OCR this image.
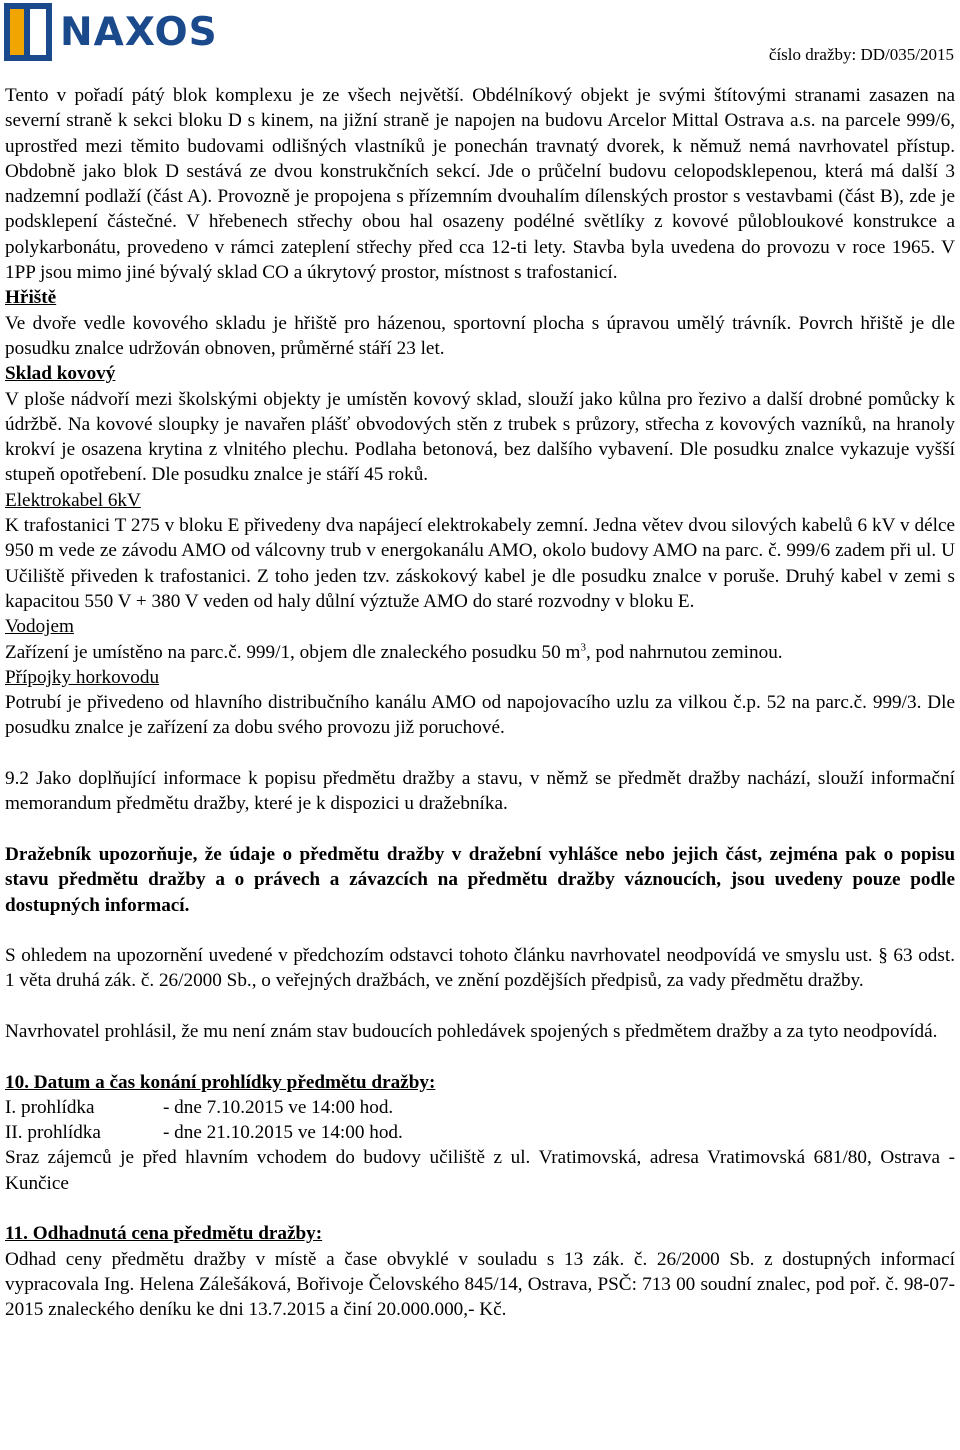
NAXOS	číslo dražby: DD/035/2015

Tento v pořadí pátý blok komplexu je ze všech největší. Obdélníkový objekt je svými štítovými stranami zasazen na severní straně k sekci bloku D s kinem, na jižní straně je napojen na budovu Arcelor Mittal Ostrava a.s. na parcele 999/6, uprostřed mezi těmito budovami odlišných vlastníků je ponechán travnatý dvorek, k němuž nemá navrhovatel přístup. Obdobně jako blok D sestává ze dvou konstrukčních sekcí. Jde o průčelní budovu celopodsklepenou, která má další 3 nadzemní podlaží (část A). Provozně je propojena s přízemním dvouhalím dílenských prostor s vestavbami (část B), zde je podsklepení částečné. V hřebenech střechy obou hal osazeny podélné světlíky z kovové půlobloukové konstrukce a polykarbonátu, provedeno v rámci zateplení střechy před cca 12-ti lety. Stavba byla uvedena do provozu v roce 1965. V 1PP jsou mimo jiné bývalý sklad CO a úkrytový prostor, místnost s trafostanicí.

Hřiště

Ve dvoře vedle kovového skladu je hřiště pro házenou, sportovní plocha s úpravou umělý trávník. Povrch hřiště je dle posudku znalce udržován obnoven, průměrné stáří 23 let.

Sklad kovový

V ploše nádvoří mezi školskými objekty je umístěn kovový sklad, slouží jako kůlna pro řezivo a další drobné pomůcky k údržbě. Na kovové sloupky je navařen plášť obvodových stěn z trubek s průzory, střecha z kovových vazníků, na hranoly krokví je osazena krytina z vlnitého plechu. Podlaha betonová, bez dalšího vybavení. Dle posudku znalce vykazuje vyšší stupeň opotřebení. Dle posudku znalce je stáří 45 roků.

Elektrokabel 6kV

K trafostanici T 275 v bloku E přivedeny dva napájecí elektrokabely zemní. Jedna větev dvou silových kabelů 6 kV v délce 950 m vede ze závodu AMO od válcovny trub v energokanálu AMO, okolo budovy AMO na parc. č. 999/6 zadem při ul. U Učiliště přiveden k trafostanici. Z toho jeden tzv. záskokový kabel je dle posudku znalce v poruše. Druhý kabel v zemi s kapacitou 550 V + 380 V veden od haly důlní výztuže AMO do staré rozvodny v bloku E.

Vodojem

Zařízení je umístěno na parc.č. 999/1, objem dle znaleckého posudku 50 $m^3$, pod nahrnutou zeminou.

Přípojky horkovodu

Potrubí je přivedeno od hlavního distribučního kanálu AMO od napojovacího uzlu za vilkou č.p. 52 na parc.č. 999/3. Dle posudku znalce je zařízení za dobu svého provozu již poruchové.

9.2 Jako doplňující informace k popisu předmětu dražby a stavu, v němž se předmět dražby nachází, slouží informační memorandum předmětu dražby, které je k dispozici u dražebníka.

Dražebník upozorňuje, že údaje o předmětu dražby v dražební vyhlášce nebo jejich část, zejména pak o popisu stavu předmětu dražby a o právech a závazcích na předmětu dražby váznoucích, jsou uvedeny pouze podle dostupných informací.

S ohledem na upozornění uvedené v předchozím odstavci tohoto článku navrhovatel neodpovídá ve smyslu ust. § 63 odst. 1 věta druhá zák. č. 26/2000 Sb., o veřejných dražbách, ve znění pozdějších předpisů, za vady předmětu dražby.

Navrhovatel prohlásil, že mu není znám stav budoucích pohledávek spojených s předmětem dražby a za tyto neodpovídá.

10. Datum a čas konání prohlídky předmětu dražby:

I. prohlídka	- dne 7.10.2015 ve 14:00 hod.
II. prohlídka	- dne 21.10.2015 ve 14:00 hod.

Sraz zájemců je před hlavním vchodem do budovy učiliště z ul. Vratimovská, adresa Vratimovská 681/80, Ostrava - Kunčice

11. Odhadnutá cena předmětu dražby:

Odhad ceny předmětu dražby v místě a čase obvyklé v souladu s 13 zák. č. 26/2000 Sb. z dostupných informací vypracovala Ing. Helena Zálešáková, Bořivoje Čelovského 845/14, Ostrava, PSČ: 713 00 soudní znalec, pod poř. č. 98-07-2015 znaleckého deníku ke dni 13.7.2015 a činí 20.000.000,- Kč.
